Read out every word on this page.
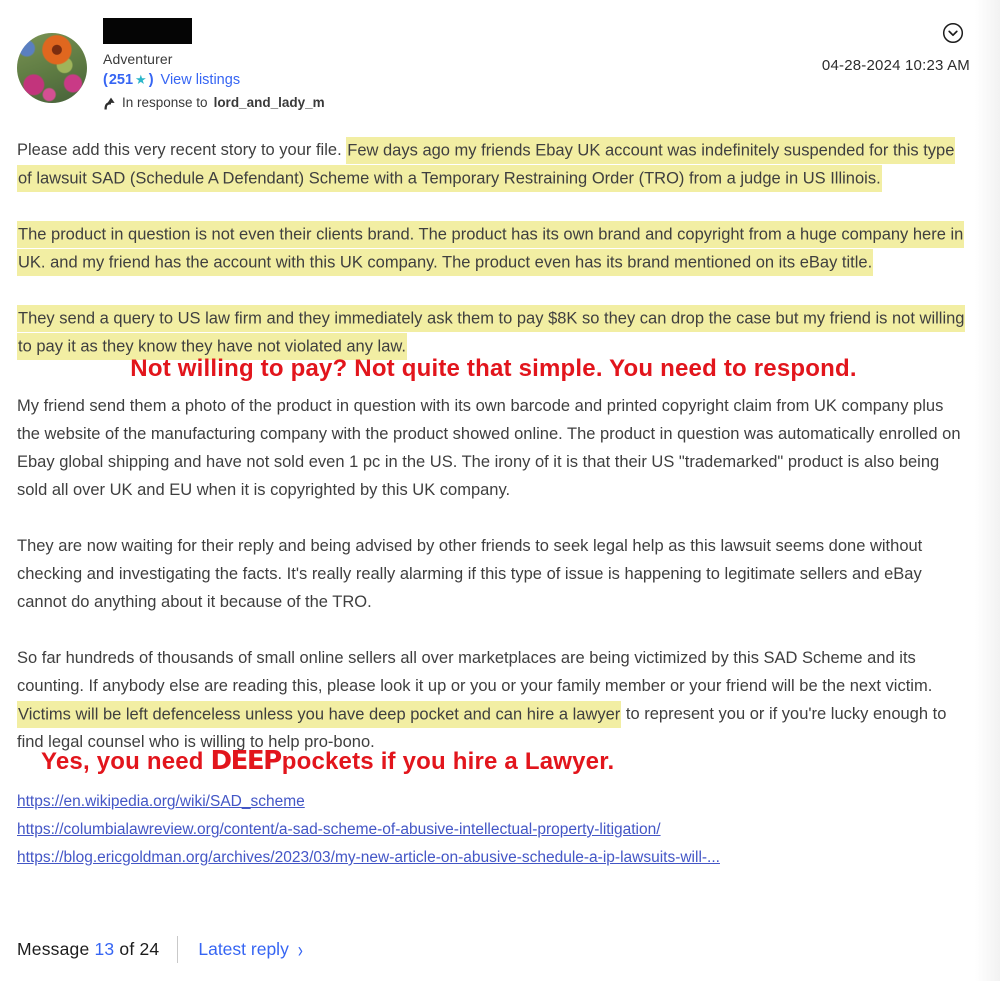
Adventurer
( 251 ★ ) View listings
In response to lord_and_lady_m
04-28-2024 10:23 AM

Please add this very recent story to your file. Few days ago my friends Ebay UK account was indefinitely suspended for this type of lawsuit SAD (Schedule A Defendant) Scheme with a Temporary Restraining Order (TRO) from a judge in US Illinois.

The product in question is not even their clients brand. The product has its own brand and copyright from a huge company here in UK. and my friend has the account with this UK company. The product even has its brand mentioned on its eBay title.

They send a query to US law firm and they immediately ask them to pay $8K so they can drop the case but my friend is not willing to pay it as they know they have not violated any law.

Not willing to pay? Not quite that simple. You need to respond.

My friend send them a photo of the product in question with its own barcode and printed copyright claim from UK company plus the website of the manufacturing company with the product showed online. The product in question was automatically enrolled on Ebay global shipping and have not sold even 1 pc in the US. The irony of it is that their US "trademarked" product is also being sold all over UK and EU when it is copyrighted by this UK company.

They are now waiting for their reply and being advised by other friends to seek legal help as this lawsuit seems done without checking and investigating the facts. It's really really alarming if this type of issue is happening to legitimate sellers and eBay cannot do anything about it because of the TRO.

So far hundreds of thousands of small online sellers all over marketplaces are being victimized by this SAD Scheme and its counting. If anybody else are reading this, please look it up or you or your family member or your friend will be the next victim. Victims will be left defenceless unless you have deep pocket and can hire a lawyer to represent you or if you're lucky enough to find legal counsel who is willing to help pro-bono.

Yes, you need DEEPpockets if you hire a Lawyer.
https://en.wikipedia.org/wiki/SAD_scheme
https://columbialawreview.org/content/a-sad-scheme-of-abusive-intellectual-property-litigation/
https://blog.ericgoldman.org/archives/2023/03/my-new-article-on-abusive-schedule-a-ip-lawsuits-will-...
Message 13 of 24 Latest reply ›
